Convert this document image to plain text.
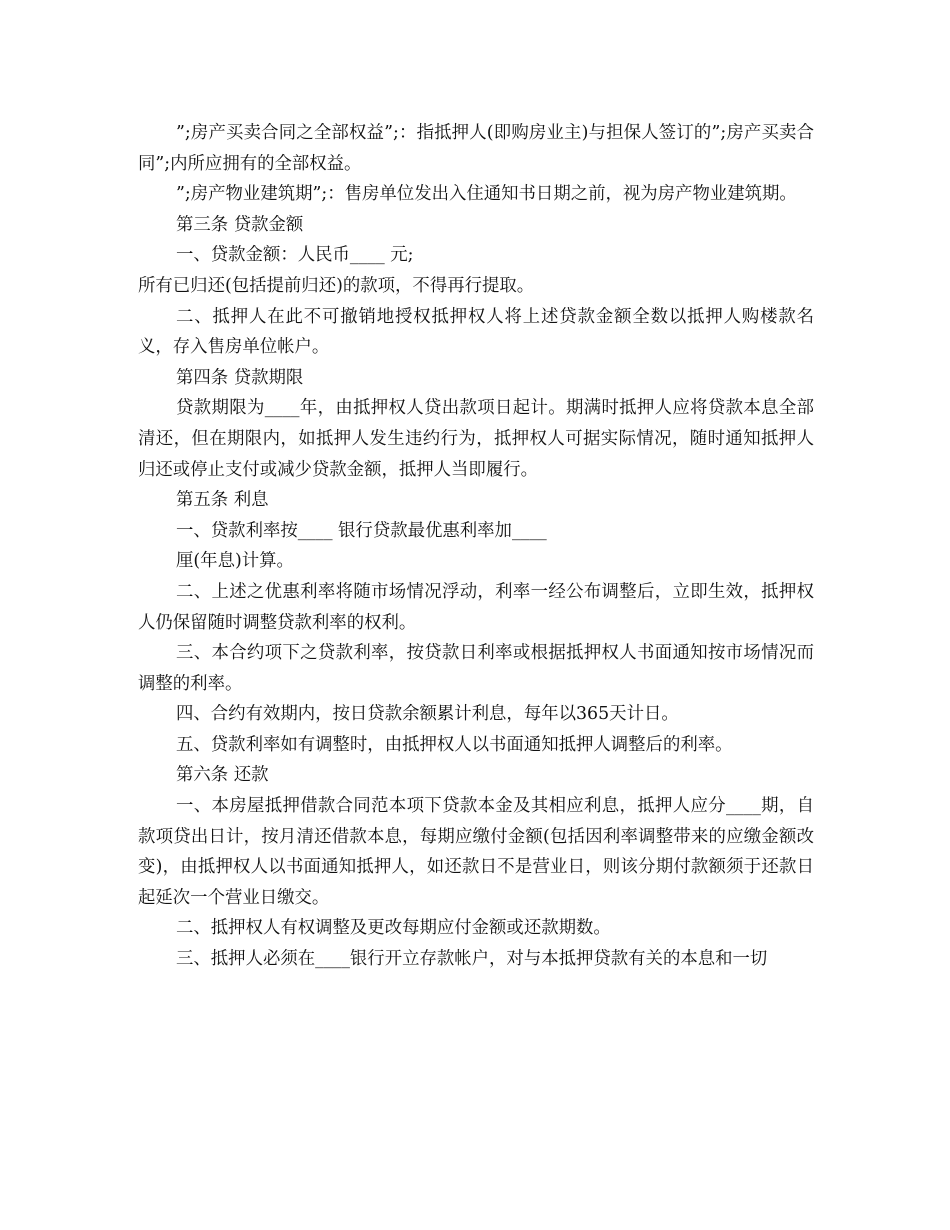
”;房产买卖合同之全部权益”;：指抵押人(即购房业主)与担保人签订的”;房产买卖合同”;内所应拥有的全部权益。

”;房产物业建筑期”;：售房单位发出入住通知书日期之前，视为房产物业建筑期。

第三条 贷款金额

一、贷款金额：人民币____ 元;

所有已归还(包括提前归还)的款项，不得再行提取。

二、抵押人在此不可撤销地授权抵押权人将上述贷款金额全数以抵押人购楼款名义，存入售房单位帐户。

第四条 贷款期限

贷款期限为____年，由抵押权人贷出款项日起计。期满时抵押人应将贷款本息全部清还，但在期限内，如抵押人发生违约行为，抵押权人可据实际情况，随时通知抵押人归还或停止支付或减少贷款金额，抵押人当即履行。

第五条 利息

一、贷款利率按____ 银行贷款最优惠利率加____

厘(年息)计算。

二、上述之优惠利率将随市场情况浮动，利率一经公布调整后，立即生效，抵押权人仍保留随时调整贷款利率的权利。

三、本合约项下之贷款利率，按贷款日利率或根据抵押权人书面通知按市场情况而调整的利率。

四、合约有效期内，按日贷款余额累计利息，每年以365天计日。

五、贷款利率如有调整时，由抵押权人以书面通知抵押人调整后的利率。

第六条 还款

一、本房屋抵押借款合同范本项下贷款本金及其相应利息，抵押人应分____期，自款项贷出日计，按月清还借款本息，每期应缴付金额(包括因利率调整带来的应缴金额改变)，由抵押权人以书面通知抵押人，如还款日不是营业日，则该分期付款额须于还款日起延次一个营业日缴交。

二、抵押权人有权调整及更改每期应付金额或还款期数。

三、抵押人必须在____银行开立存款帐户，对与本抵押贷款有关的本息和一切
